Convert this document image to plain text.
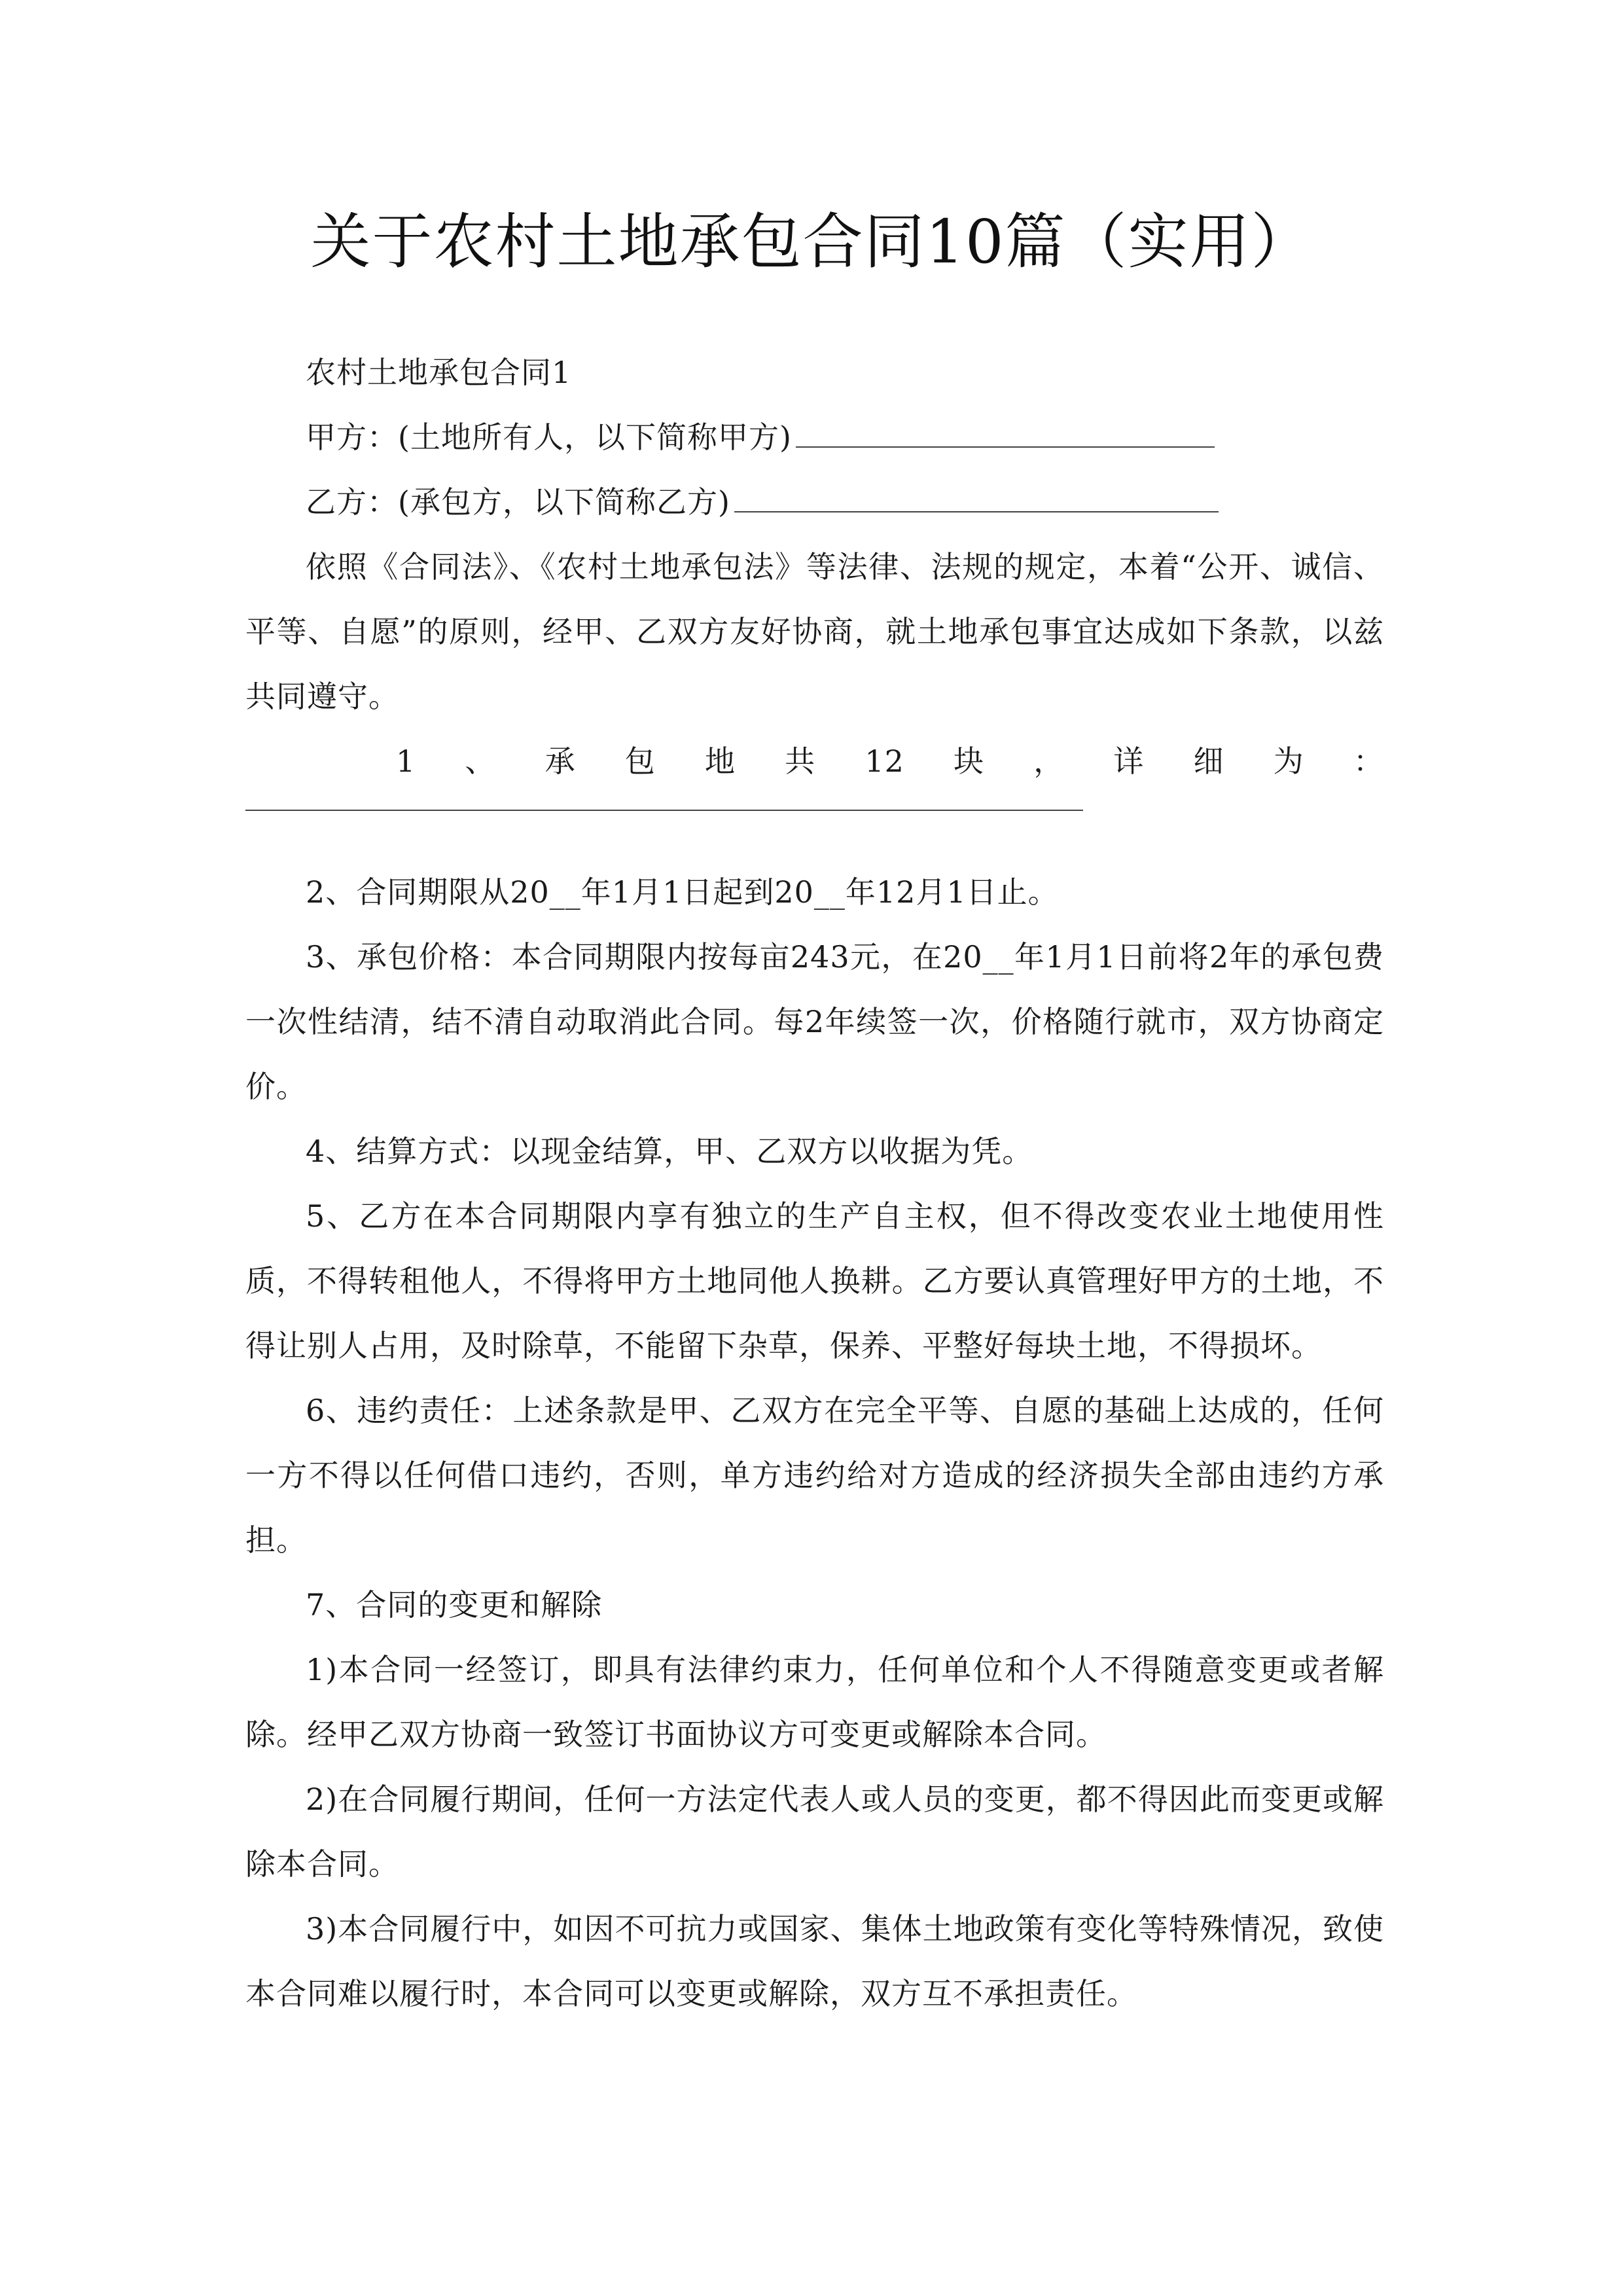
关于农村土地承包合同10篇（实用）

农村土地承包合同1

甲方：(土地所有人，以下简称甲方)

乙方：(承包方，以下简称乙方)

依照《合同法》、《农村土地承包法》等法律、法规的规定，本着“公开、诚信、平等、自愿”的原则，经甲、乙双方友好协商，就土地承包事宜达成如下条款，以兹共同遵守。

1 、 承 包 地 共 12 块 ， 详 细 为 ：

2、合同期限从20__年1月1日起到20__年12月1日止。

3、承包价格：本合同期限内按每亩243元，在20__年1月1日前将2年的承包费一次性结清，结不清自动取消此合同。每2年续签一次，价格随行就市，双方协商定价。

4、结算方式：以现金结算，甲、乙双方以收据为凭。

5、乙方在本合同期限内享有独立的生产自主权，但不得改变农业土地使用性质，不得转租他人，不得将甲方土地同他人换耕。乙方要认真管理好甲方的土地，不得让别人占用，及时除草，不能留下杂草，保养、平整好每块土地，不得损坏。

6、违约责任：上述条款是甲、乙双方在完全平等、自愿的基础上达成的，任何一方不得以任何借口违约，否则，单方违约给对方造成的经济损失全部由违约方承担。

7、合同的变更和解除

1)本合同一经签订，即具有法律约束力，任何单位和个人不得随意变更或者解除。经甲乙双方协商一致签订书面协议方可变更或解除本合同。

2)在合同履行期间，任何一方法定代表人或人员的变更，都不得因此而变更或解除本合同。

3)本合同履行中，如因不可抗力或国家、集体土地政策有变化等特殊情况，致使本合同难以履行时，本合同可以变更或解除，双方互不承担责任。
